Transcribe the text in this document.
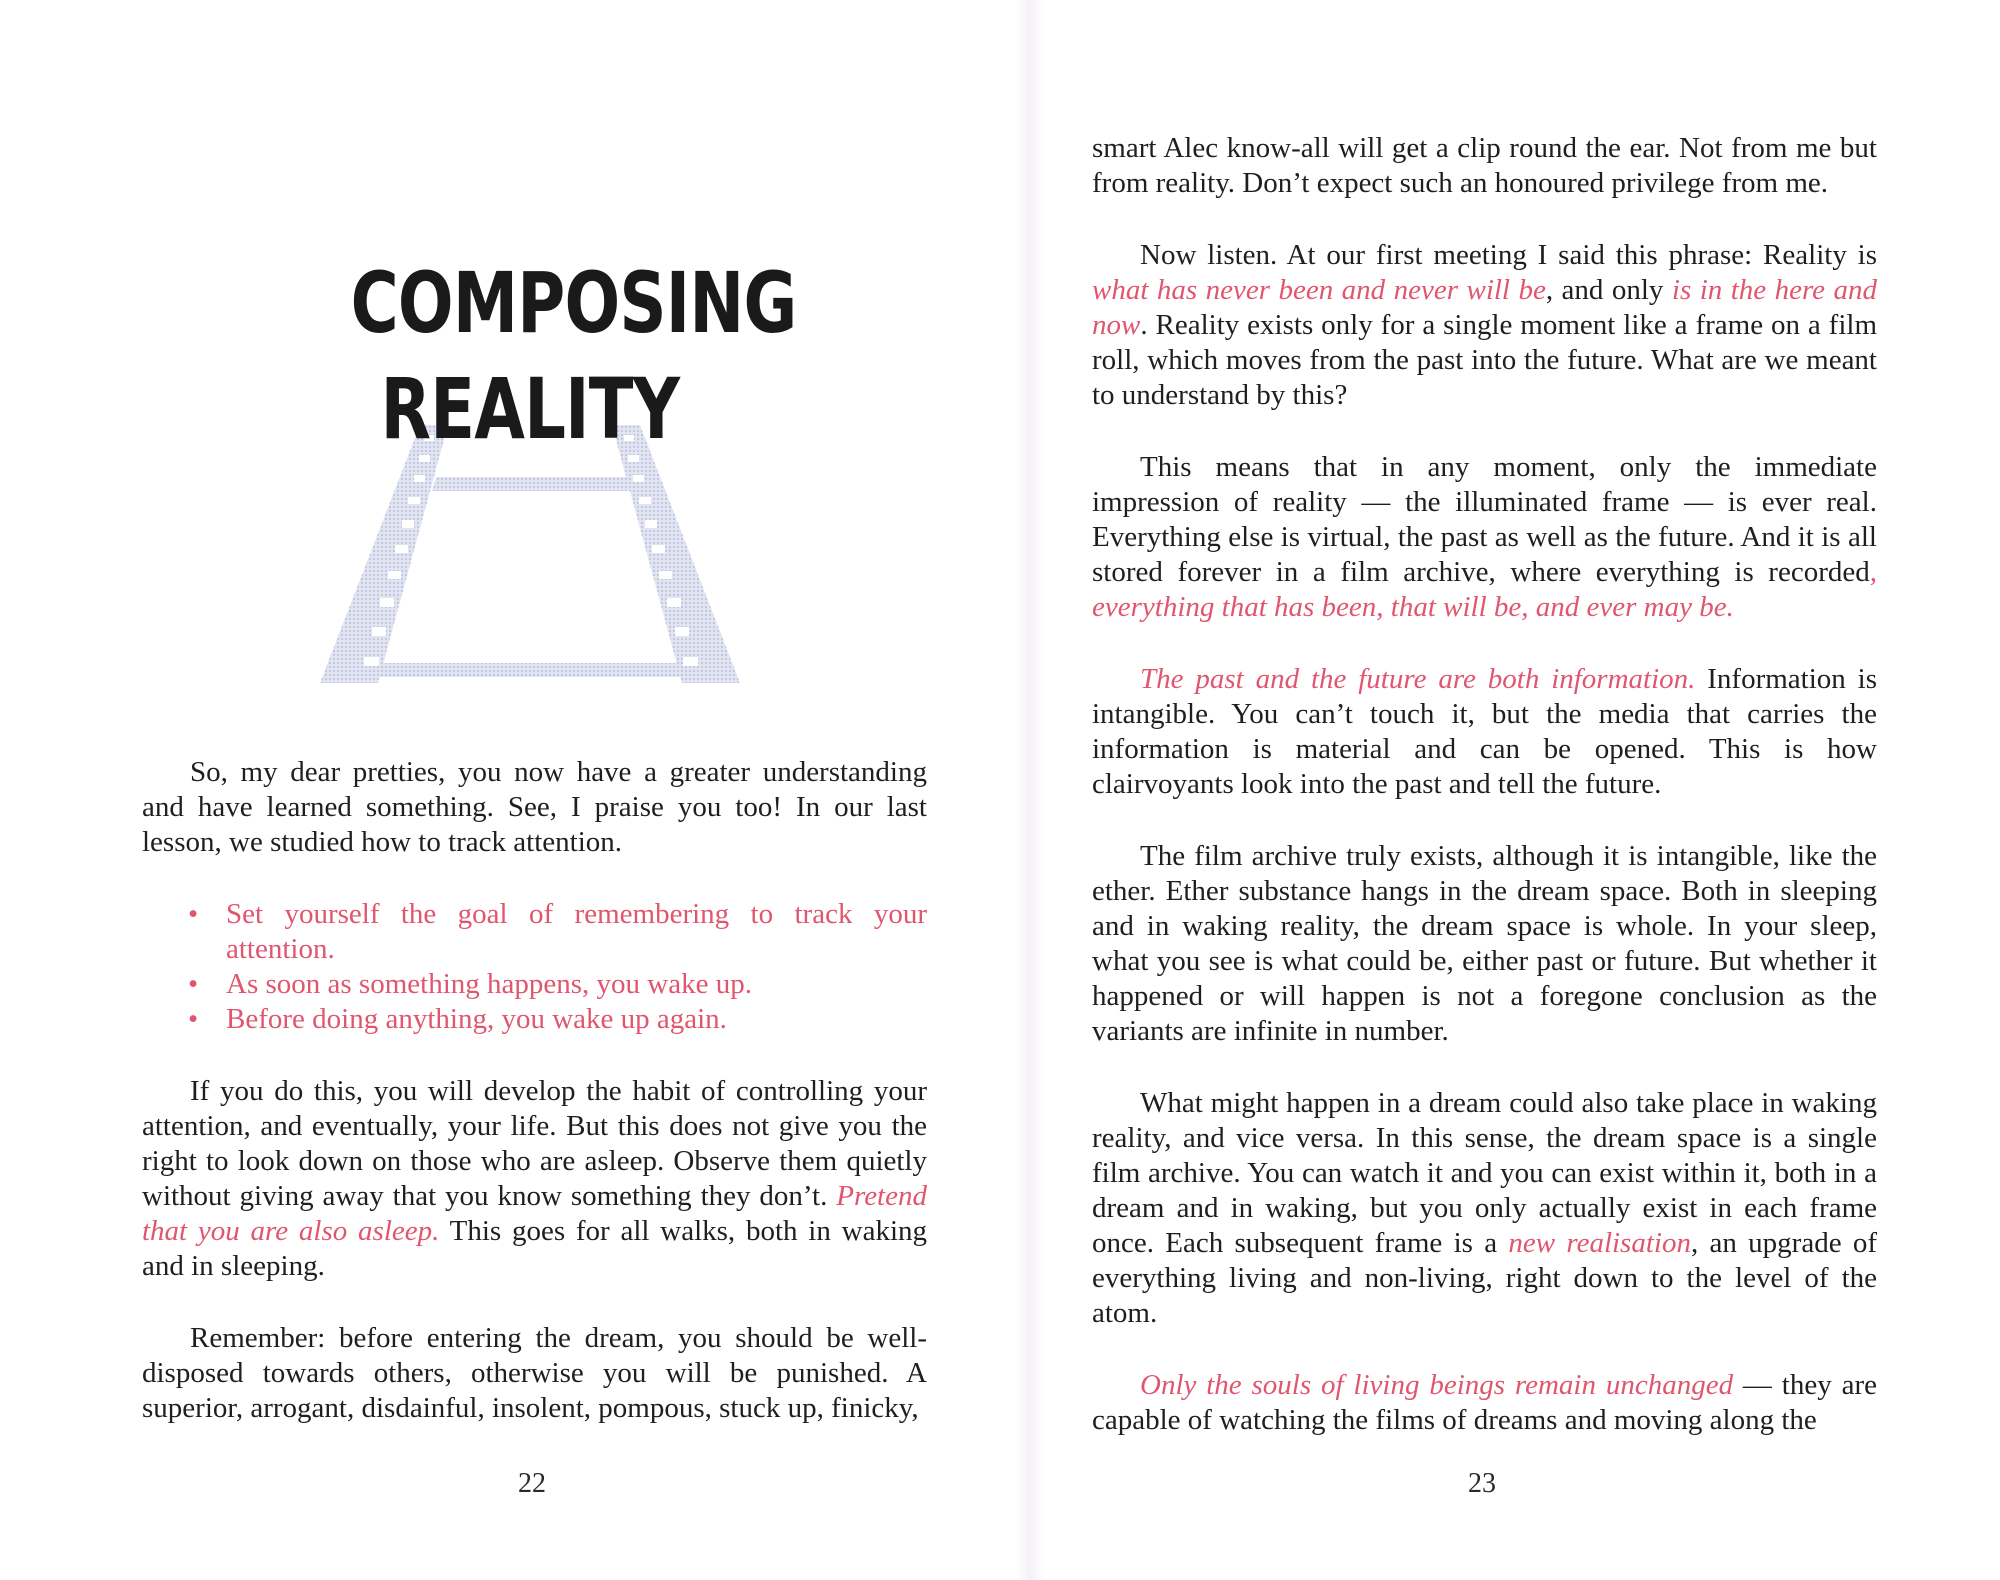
COMPOSING
REALITY

So, my dear pretties, you now have a greater understanding and have learned something. See, I praise you too! In our last lesson, we studied how to track attention.

• Set yourself the goal of remembering to track your attention.
• As soon as something happens, you wake up.
• Before doing anything, you wake up again.

If you do this, you will develop the habit of controlling your attention, and eventually, your life. But this does not give you the right to look down on those who are asleep. Observe them quietly without giving away that you know something they don’t. Pretend that you are also asleep. This goes for all walks, both in waking and in sleeping.

Remember: before entering the dream, you should be well-disposed towards others, otherwise you will be punished. A superior, arrogant, disdainful, insolent, pompous, stuck up, finicky,

22

smart Alec know-all will get a clip round the ear. Not from me but from reality. Don’t expect such an honoured privilege from me.

Now listen. At our first meeting I said this phrase: Reality is what has never been and never will be, and only is in the here and now. Reality exists only for a single moment like a frame on a film roll, which moves from the past into the future. What are we meant to understand by this?

This means that in any moment, only the immediate impression of reality — the illuminated frame — is ever real. Everything else is virtual, the past as well as the future. And it is all stored forever in a film archive, where everything is recorded, everything that has been, that will be, and ever may be.

The past and the future are both information. Information is intangible. You can’t touch it, but the media that carries the information is material and can be opened. This is how clairvoyants look into the past and tell the future.

The film archive truly exists, although it is intangible, like the ether. Ether substance hangs in the dream space. Both in sleeping and in waking reality, the dream space is whole. In your sleep, what you see is what could be, either past or future. But whether it happened or will happen is not a foregone conclusion as the variants are infinite in number.

What might happen in a dream could also take place in waking reality, and vice versa. In this sense, the dream space is a single film archive. You can watch it and you can exist within it, both in a dream and in waking, but you only actually exist in each frame once. Each subsequent frame is a new realisation, an upgrade of everything living and non-living, right down to the level of the atom.

Only the souls of living beings remain unchanged — they are capable of watching the films of dreams and moving along the

23
